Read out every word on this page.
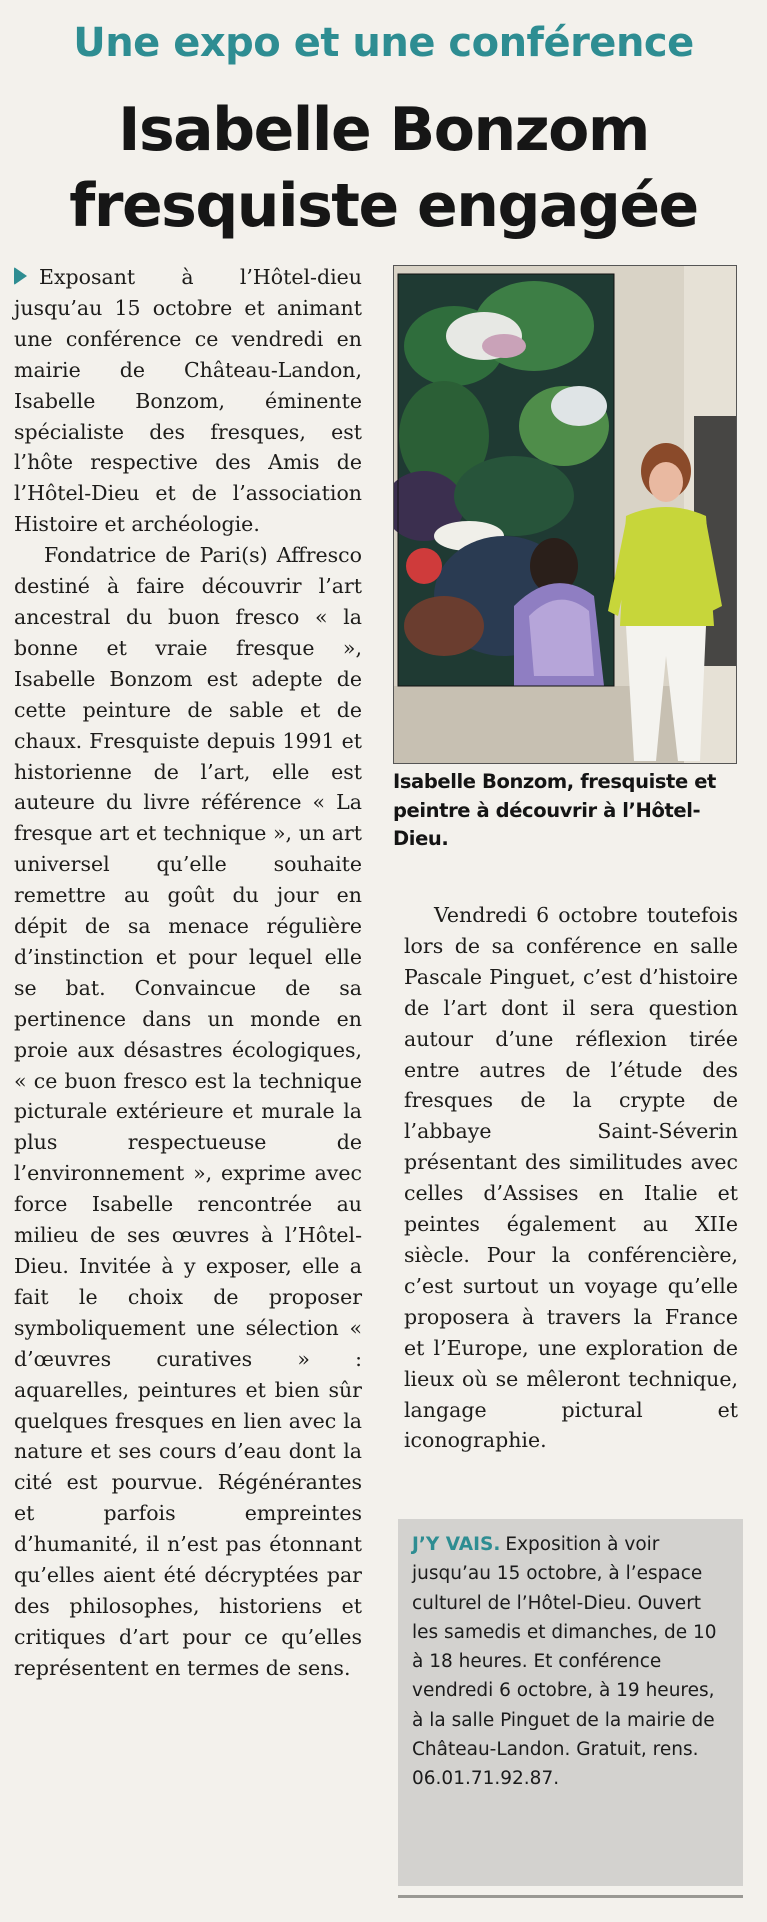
Une expo et une conférence
Isabelle Bonzom
fresquiste engagée

Exposant à l’Hôtel-dieu jusqu’au 15 octobre et animant une conférence ce vendredi en mairie de Château-Landon, Isabelle Bonzom, éminente spécialiste des fresques, est l’hôte respective des Amis de l’Hôtel-Dieu et de l’association Histoire et archéologie.

Fondatrice de Pari(s) Affresco destiné à faire découvrir l’art ancestral du buon fresco « la bonne et vraie fresque », Isabelle Bonzom est adepte de cette peinture de sable et de chaux. Fresquiste depuis 1991 et historienne de l’art, elle est auteure du livre référence « La fresque art et technique », un art universel qu’elle souhaite remettre au goût du jour en dépit de sa menace régulière d’instinction et pour lequel elle se bat. Convaincue de sa pertinence dans un monde en proie aux désastres écologiques, « ce buon fresco est la technique picturale extérieure et murale la plus respectueuse de l’environnement », exprime avec force Isabelle rencontrée au milieu de ses œuvres à l’Hôtel-Dieu. Invitée à y exposer, elle a fait le choix de proposer symboliquement une sélection « d’œuvres curatives » : aquarelles, peintures et bien sûr quelques fresques en lien avec la nature et ses cours d’eau dont la cité est pourvue. Régénérantes et parfois empreintes d’humanité, il n’est pas étonnant qu’elles aient été décryptées par des philosophes, historiens et critiques d’art pour ce qu’elles représentent en termes de sens.

Isabelle Bonzom, fresquiste et peintre à découvrir à l’Hôtel-Dieu.

Vendredi 6 octobre toutefois lors de sa conférence en salle Pascale Pinguet, c’est d’histoire de l’art dont il sera question autour d’une réflexion tirée entre autres de l’étude des fresques de la crypte de l’abbaye Saint-Séverin présentant des similitudes avec celles d’Assises en Italie et peintes également au XIIe siècle. Pour la conférencière, c’est surtout un voyage qu’elle proposera à travers la France et l’Europe, une exploration de lieux où se mêleront technique, langage pictural et iconographie.

J’Y VAIS. Exposition à voir jusqu’au 15 octobre, à l’espace culturel de l’Hôtel-Dieu. Ouvert les samedis et dimanches, de 10 à 18 heures. Et conférence vendredi 6 octobre, à 19 heures, à la salle Pinguet de la mairie de Château-Landon. Gratuit, rens. 06.01.71.92.87.
